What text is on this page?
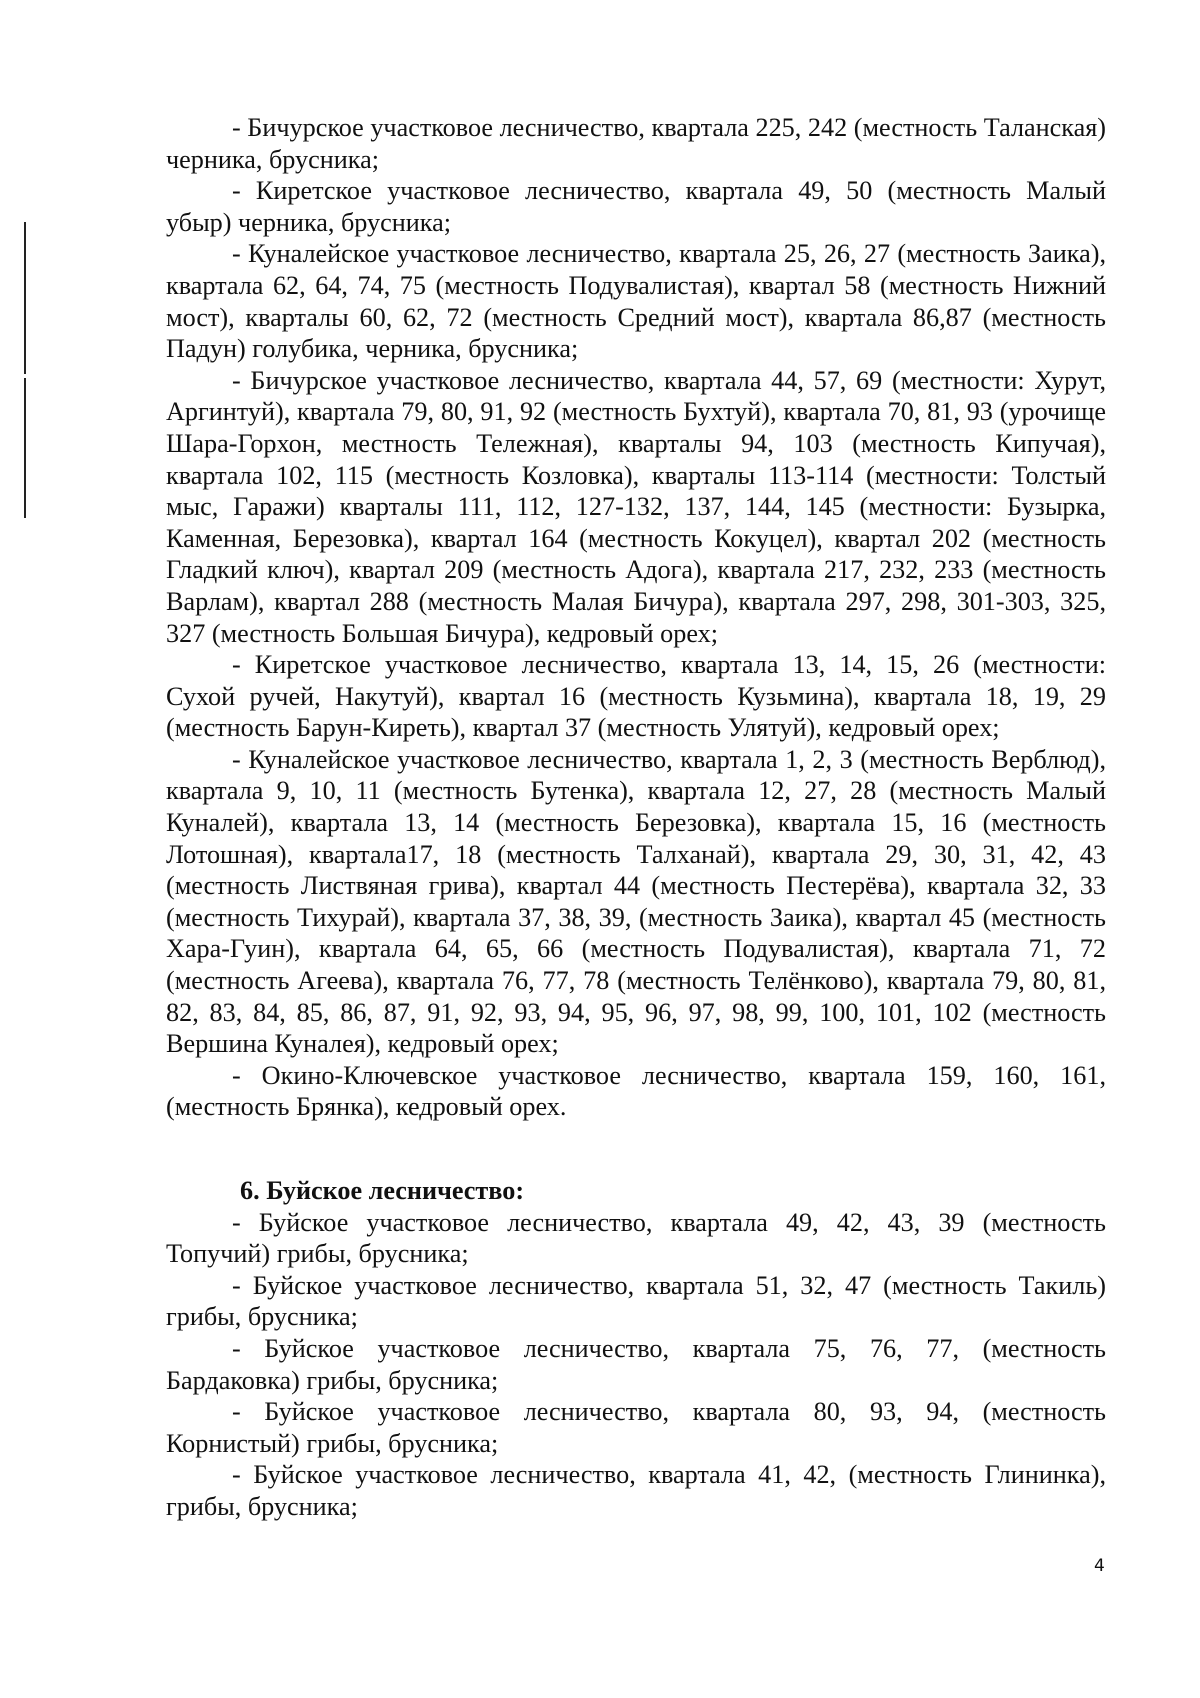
- Бичурское участковое лесничество, квартала 225, 242 (местность Таланская) черника, брусника;

- Киретское участковое лесничество, квартала 49, 50 (местность Малый убыр) черника, брусника;

- Куналейское участковое лесничество, квартала 25, 26, 27 (местность Заика), квартала 62, 64, 74, 75 (местность Подувалистая), квартал 58 (местность Нижний мост), кварталы 60, 62, 72 (местность Средний мост), квартала 86,87 (местность Падун) голубика, черника, брусника;

- Бичурское участковое лесничество, квартала 44, 57, 69 (местности: Хурут, Аргинтуй), квартала 79, 80, 91, 92 (местность Бухтуй), квартала 70, 81, 93 (урочище Шара-Горхон, местность Тележная), кварталы 94, 103 (местность Кипучая), квартала 102, 115 (местность Козловка), кварталы 113-114 (местности: Толстый мыс, Гаражи) кварталы 111, 112, 127-132, 137, 144, 145 (местности: Бузырка, Каменная, Березовка), квартал 164 (местность Кокуцел), квартал 202 (местность Гладкий ключ), квартал 209 (местность Адога), квартала 217, 232, 233 (местность Варлам), квартал 288 (местность Малая Бичура), квартала 297, 298, 301-303, 325, 327 (местность Большая Бичура), кедровый орех;

- Киретское участковое лесничество, квартала 13, 14, 15, 26 (местности: Сухой ручей, Накутуй), квартал 16 (местность Кузьмина), квартала 18, 19, 29 (местность Барун-Киреть), квартал 37 (местность Улятуй), кедровый орех;

- Куналейское участковое лесничество, квартала 1, 2, 3 (местность Верблюд), квартала 9, 10, 11 (местность Бутенка), квартала 12, 27, 28 (местность Малый Куналей), квартала 13, 14 (местность Березовка), квартала 15, 16 (местность Лотошная), квартала17, 18 (местность Талханай), квартала 29, 30, 31, 42, 43 (местность Листвяная грива), квартал 44 (местность Пестерёва), квартала 32, 33 (местность Тихурай), квартала 37, 38, 39, (местность Заика), квартал 45 (местность Хара-Гуин), квартала 64, 65, 66 (местность Подувалистая), квартала 71, 72 (местность Агеева), квартала 76, 77, 78 (местность Телёнково), квартала 79, 80, 81, 82, 83, 84, 85, 86, 87, 91, 92, 93, 94, 95, 96, 97, 98, 99, 100, 101, 102 (местность Вершина Куналея), кедровый орех;

- Окино-Ключевское участковое лесничество, квартала 159, 160, 161, (местность Брянка), кедровый орех.

6. Буйское лесничество:

- Буйское участковое лесничество, квартала 49, 42, 43, 39 (местность Топучий) грибы, брусника;

- Буйское участковое лесничество, квартала 51, 32, 47 (местность Такиль) грибы, брусника;

- Буйское участковое лесничество, квартала 75, 76, 77, (местность Бардаковка) грибы, брусника;

- Буйское участковое лесничество, квартала 80, 93, 94, (местность Корнистый) грибы, брусника;

- Буйское участковое лесничество, квартала 41, 42, (местность Глининка), грибы, брусника;

4
